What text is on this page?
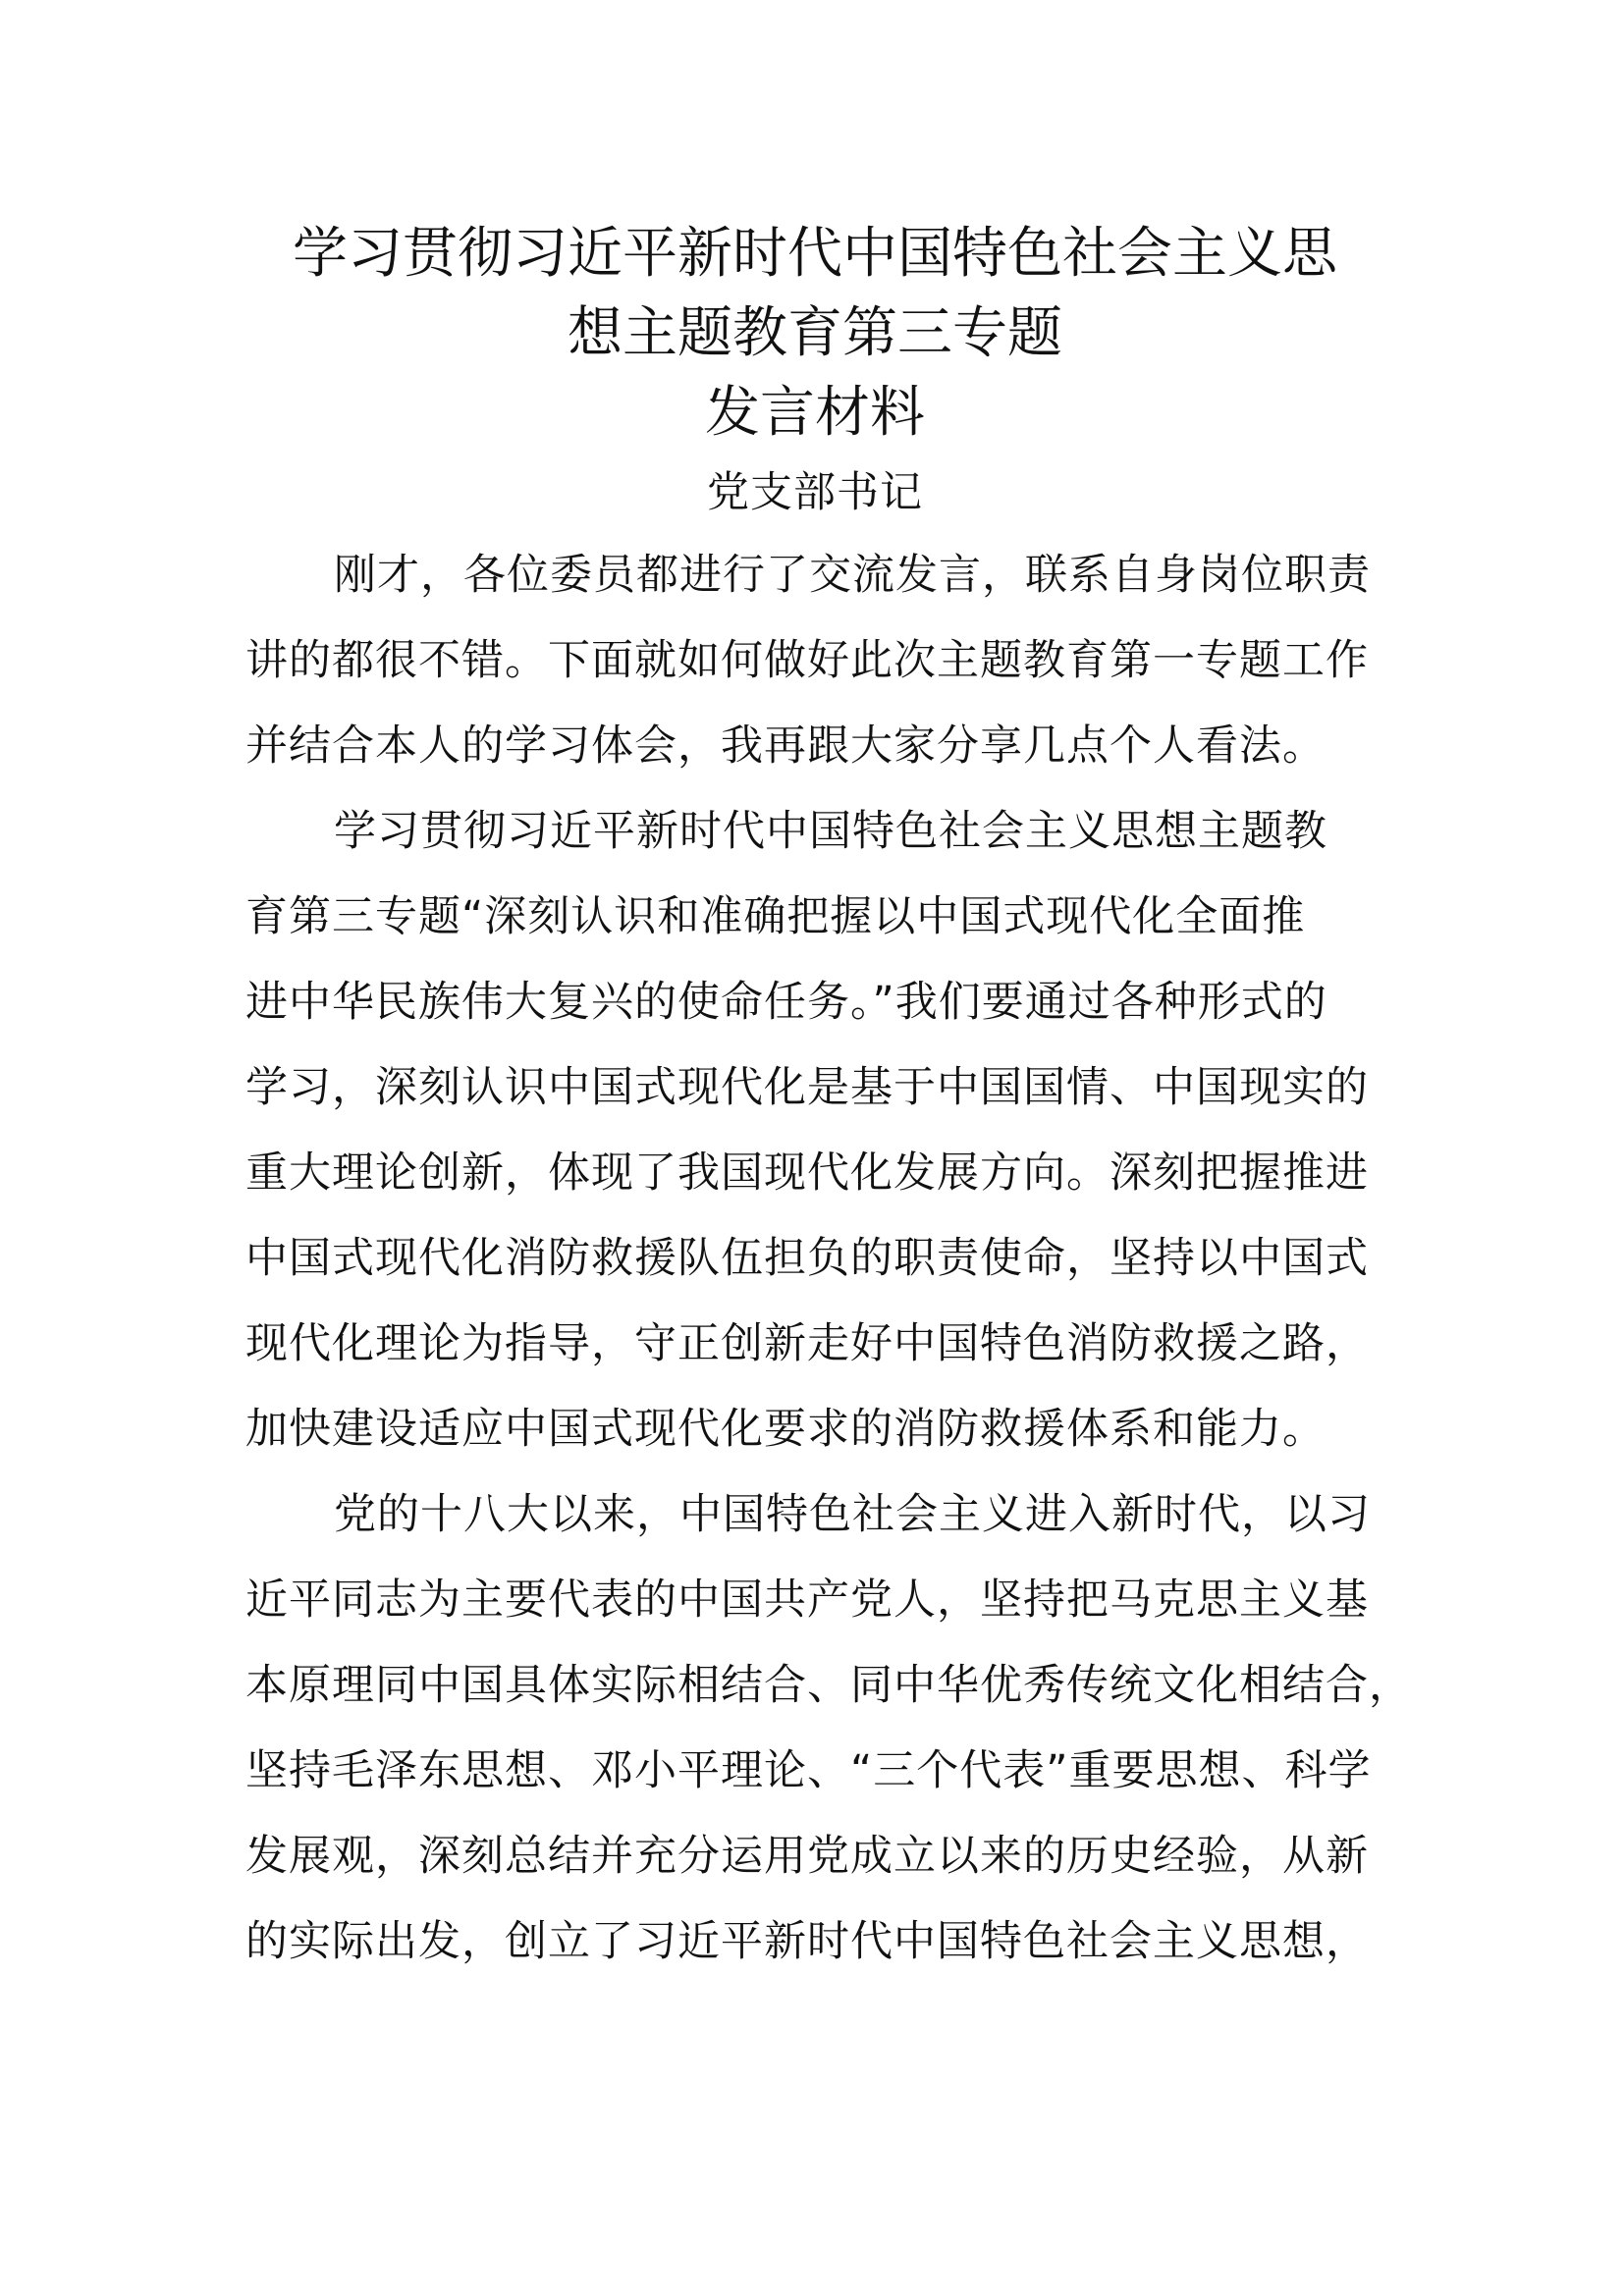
学习贯彻习近平新时代中国特色社会主义思
想主题教育第三专题
发言材料

党支部书记

刚才，各位委员都进行了交流发言，联系自身岗位职责
讲的都很不错。下面就如何做好此次主题教育第一专题工作
并结合本人的学习体会，我再跟大家分享几点个人看法。

学习贯彻习近平新时代中国特色社会主义思想主题教
育第三专题“深刻认识和准确把握以中国式现代化全面推
进中华民族伟大复兴的使命任务。”我们要通过各种形式的
学习，深刻认识中国式现代化是基于中国国情、中国现实的
重大理论创新，体现了我国现代化发展方向。深刻把握推进
中国式现代化消防救援队伍担负的职责使命，坚持以中国式
现代化理论为指导，守正创新走好中国特色消防救援之路，
加快建设适应中国式现代化要求的消防救援体系和能力。

党的十八大以来，中国特色社会主义进入新时代，以习
近平同志为主要代表的中国共产党人，坚持把马克思主义基
本原理同中国具体实际相结合、同中华优秀传统文化相结合，
坚持毛泽东思想、邓小平理论、“三个代表”重要思想、科学
发展观，深刻总结并充分运用党成立以来的历史经验，从新
的实际出发，创立了习近平新时代中国特色社会主义思想，
